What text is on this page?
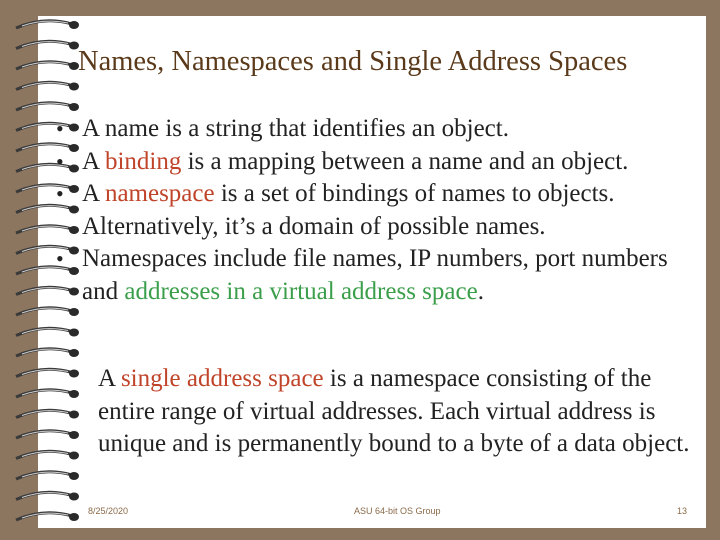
Names, Namespaces and Single Address Spaces
• A name is a string that identifies an object.
• A binding is a mapping between a name and an object.
• A namespace is a set of bindings of names to objects. Alternatively, it’s a domain of possible names.
• Namespaces include file names, IP numbers, port numbers and addresses in a virtual address space.
A single address space is a namespace consisting of the entire range of virtual addresses. Each virtual address is unique and is permanently bound to a byte of a data object.
8/25/2020	ASU 64-bit OS Group	13
